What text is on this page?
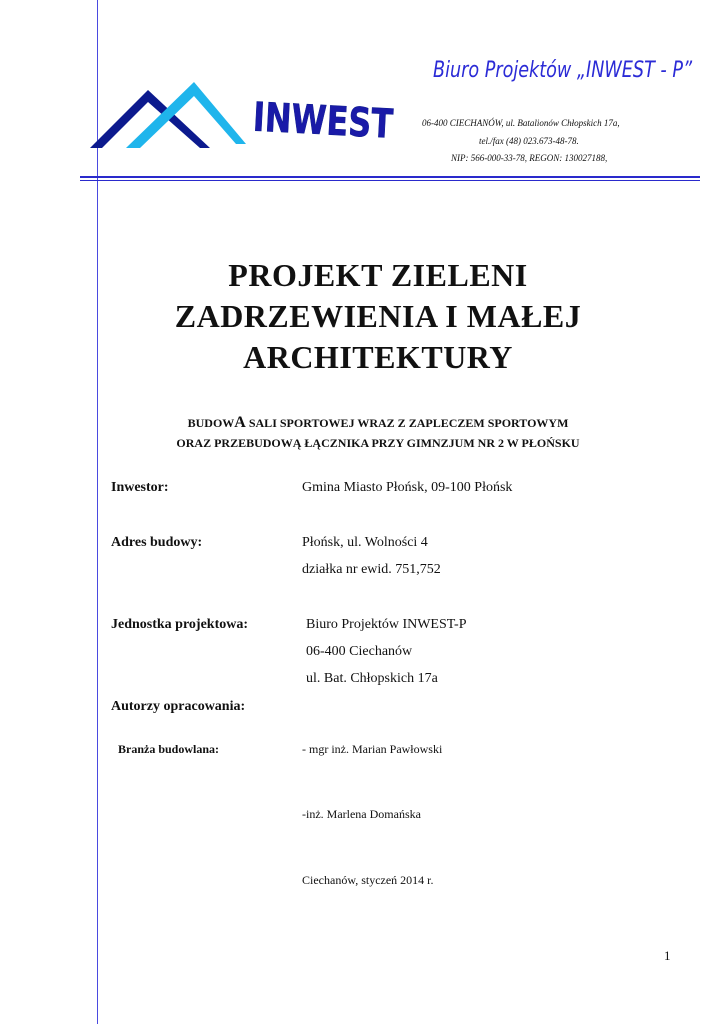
INWEST
Biuro Projektów „INWEST - P”
06-400 CIECHANÓW, ul. Batalionów Chłopskich 17a,
tel./fax (48) 023.673-48-78.
NIP: 566-000-33-78, REGON: 130027188,
PROJEKT ZIELENI
ZADRZEWIENIA I MAŁEJ
ARCHITEKTURY
BUDOWA SALI SPORTOWEJ WRAZ Z ZAPLECZEM SPORTOWYM
ORAZ PRZEBUDOWĄ ŁĄCZNIKA PRZY GIMNZJUM NR 2 W PŁOŃSKU
Inwestor:	Gmina Miasto Płońsk, 09-100 Płońsk
Adres budowy:	Płońsk, ul. Wolności 4
działka nr ewid. 751,752
Jednostka projektowa:	Biuro Projektów INWEST-P
06-400 Ciechanów
ul. Bat. Chłopskich 17a
Autorzy opracowania:
Branża budowlana:	- mgr inż. Marian Pawłowski
-inż. Marlena Domańska
Ciechanów, styczeń 2014 r.
1
